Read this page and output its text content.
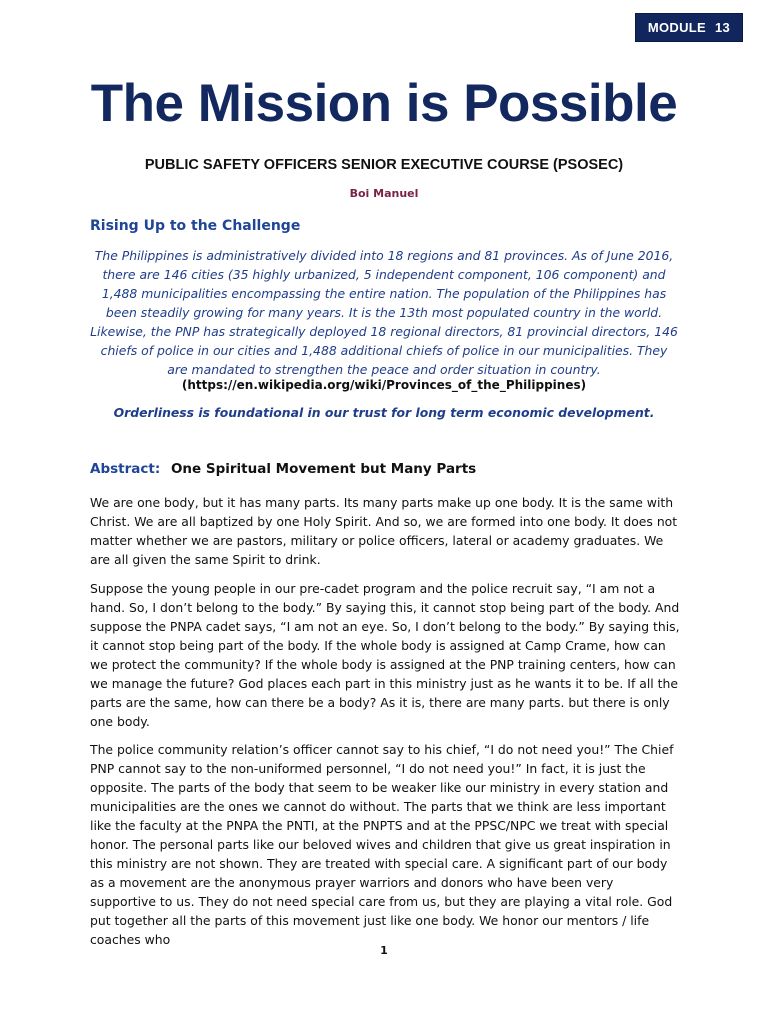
MODULE 13
The Mission is Possible

PUBLIC SAFETY OFFICERS SENIOR EXECUTIVE COURSE (PSOSEC)

Boi Manuel

Rising Up to the Challenge

The Philippines is administratively divided into 18 regions and 81 provinces. As of June 2016, there are 146 cities (35 highly urbanized, 5 independent component, 106 component) and 1,488 municipalities encompassing the entire nation. The population of the Philippines has been steadily growing for many years. It is the 13th most populated country in the world. Likewise, the PNP has strategically deployed 18 regional directors, 81 provincial directors, 146 chiefs of police in our cities and 1,488 additional chiefs of police in our municipalities. They are mandated to strengthen the peace and order situation in country.

(https://en.wikipedia.org/wiki/Provinces_of_the_Philippines)

Orderliness is foundational in our trust for long term economic development.

Abstract: One Spiritual Movement but Many Parts

We are one body, but it has many parts. Its many parts make up one body. It is the same with Christ. We are all baptized by one Holy Spirit. And so, we are formed into one body. It does not matter whether we are pastors, military or police officers, lateral or academy graduates. We are all given the same Spirit to drink.

Suppose the young people in our pre-cadet program and the police recruit say, “I am not a hand. So, I don’t belong to the body.” By saying this, it cannot stop being part of the body. And suppose the PNPA cadet says, “I am not an eye. So, I don’t belong to the body.” By saying this, it cannot stop being part of the body. If the whole body is assigned at Camp Crame, how can we protect the community? If the whole body is assigned at the PNP training centers, how can we manage the future? God places each part in this ministry just as he wants it to be. If all the parts are the same, how can there be a body? As it is, there are many parts. but there is only one body.

The police community relation’s officer cannot say to his chief, “I do not need you!” The Chief PNP cannot say to the non-uniformed personnel, “I do not need you!” In fact, it is just the opposite. The parts of the body that seem to be weaker like our ministry in every station and municipalities are the ones we cannot do without. The parts that we think are less important like the faculty at the PNPA the PNTI, at the PNPTS and at the PPSC/NPC we treat with special honor. The personal parts like our beloved wives and children that give us great inspiration in this ministry are not shown. They are treated with special care. A significant part of our body as a movement are the anonymous prayer warriors and donors who have been very supportive to us. They do not need special care from us, but they are playing a vital role. God put together all the parts of this movement just like one body. We honor our mentors / life coaches who

1
